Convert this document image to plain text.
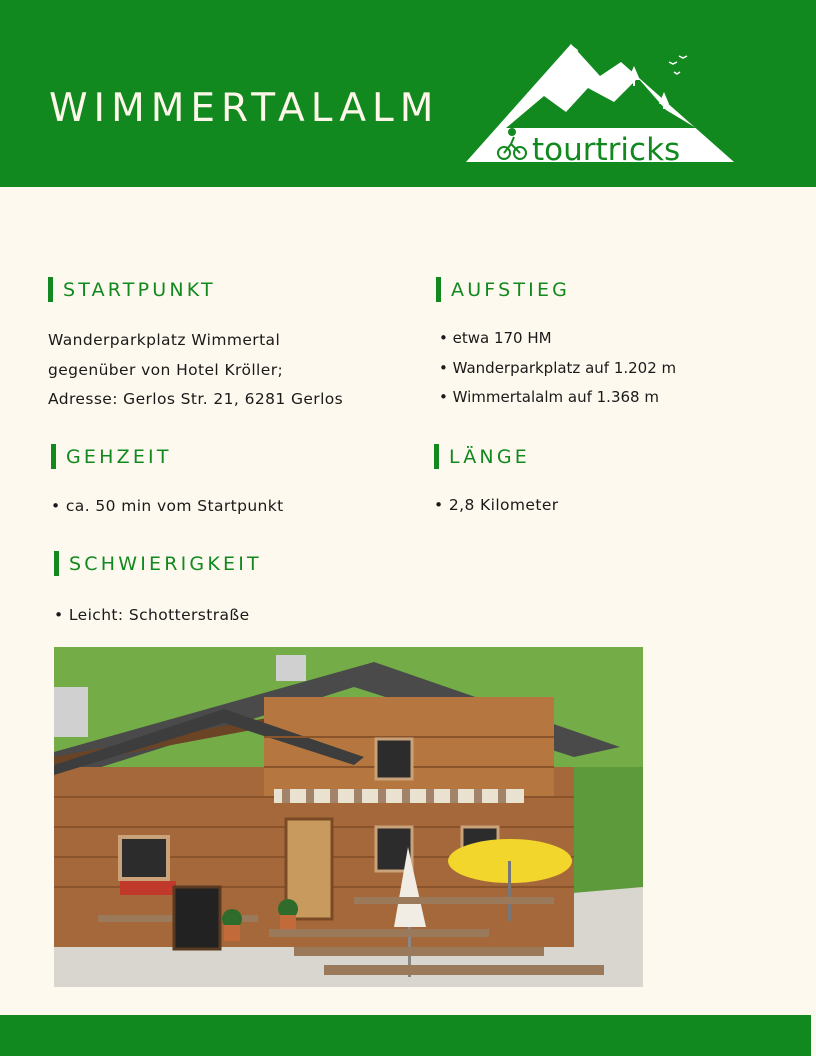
WIMMERTALALM
tourtricks
STARTPUNKT
Wanderparkplatz Wimmertal
gegenüber von Hotel Kröller;
Adresse: Gerlos Str. 21, 6281 Gerlos
AUFSTIEG
• etwa 170 HM
• Wanderparkplatz auf 1.202 m
• Wimmertalalm auf 1.368 m
GEHZEIT
• ca. 50 min vom Startpunkt
LÄNGE
• 2,8 Kilometer
SCHWIERIGKEIT
• Leicht: Schotterstraße
